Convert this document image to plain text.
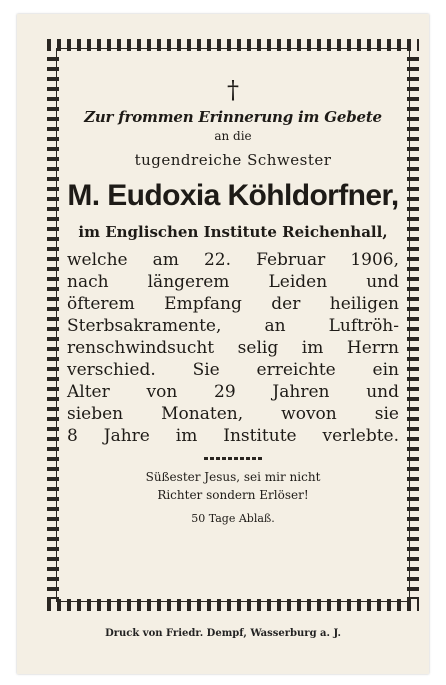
†
Zur frommen Erinnerung im Gebete
an die
tugendreiche Schwester
M. Eudoxia Köhldorfner,
im Englischen Institute Reichenhall,
welche am 22. Februar 1906,
nach längerem Leiden und
öfterem Empfang der heiligen
Sterbsakramente, an Luftröh-
renschwindsucht selig im Herrn
verschied. Sie erreichte ein
Alter von 29 Jahren und
sieben Monaten, wovon sie
8 Jahre im Institute verlebte.
Süßester Jesus, sei mir nicht
Richter sondern Erlöser!
50 Tage Ablaß.
Druck von Friedr. Dempf, Wasserburg a. J.
